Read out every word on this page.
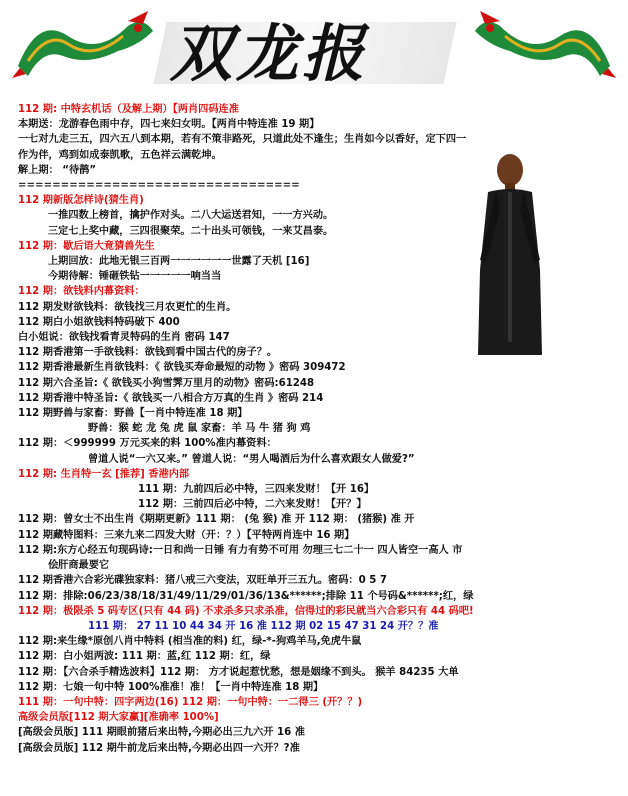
双龙报
112 期: 中特玄机话（及解上期）【两肖四码连准
本期送：龙游春色雨中存，四七来妇女明。【两肖中特连准 19 期】
一七对九走三五，四六五八到本期，若有不策非路死，只道此处不逢生；生肖如今以香好，定下四一
作为伴，鸡到如成泰凯歌，五色祥云满乾坤。
解上期： “待鹊”
=================================
112 期新版怎样诗(猜生肖)
一推四数上榜首，擒护作对头。二八大运送君知，一一方兴动。
三定七上奖中藏，三四很聚荣。二十出头可领钱，一来艾昌泰。
112 期：歇后语大竟猜兽先生
上期回放：此地无银三百两一一一一一一世露了天机 [16]
今期待解：锤砸铁钻一一一一一响当当
112 期：欲钱料内幕资料：
112 期发财欲钱料：欲钱找三月农更忙的生肖。
112 期白小姐欲钱料特码破下 400
白小姐说：欲钱找看青灵特码的生肖 密码 147
112 期香港第一手欲钱料：欲钱到看中国古代的房子？。
112 期香港最新生肖欲钱料：《 欲钱买寿命最短的动物 》密码 309472
112 期六合圣旨:《 欲钱买小狗雪霁万里月的动物》密码:61248
112 期香港中特圣旨:《 欲钱买一八相合方万真的生肖 》密码 214
112 期野兽与家畜：野兽【一肖中特连准 18 期】
野兽：猴 蛇 龙 兔 虎 鼠 家畜：羊 马 牛 猪 狗 鸡
112 期：＜999999 万元买来的料 100%准内幕资料：
曾道人说“一六又来。” 曾道人说：“男人喝酒后为什么喜欢跟女人做爱?”
112 期: 生肖特一玄 [推荐] 香港内部
111 期：九前四后必中特，三四来发财！【开 16】
112 期：三前四后必中特，二六来发财！【开？】
112 期：曾女士不出生肖《期期更新》111 期： (兔 猴) 准 开 112 期： (猪猴) 准 开
112 期藏特图料：三来九来二四发大财（开：？）【平特两肖连中 16 期】
112 期:东方心经五句现码诗:一日和尚一日锤 有力有势不可用 勿理三七二十一 四人皆空一高人 市
侩肝商最要它
112 期香港六合彩光碟独家料：猪八戒三六变法，双旺单开三五九。密码：0 5 7
112 期：排除:06/23/38/18/31/49/11/29/01/36/13&******;排除 11 个号码&******;红，绿
112 期：极限杀 5 码专区(只有 44 码) 不求杀多只求杀准，信得过的彩民就当六合彩只有 44 码吧!
111 期： 27 11 10 44 34 开 16 准 112 期 02 15 47 31 24 开？？准
112 期:来生缘*原创八肖中特料 (相当准的料) 红，绿-*-狗鸡羊马,免虎牛鼠
112 期：白小姐两波: 111 期：蓝,红 112 期：红，绿
112 期：【六合杀手精选波料】112 期： 方才说起惹忧愁，想是姻缘不到头。 猴羊 84235 大单
112 期：七娘一句中特 100%准准！准！【一肖中特连准 18 期】
111 期：一句中特：四字两边(16) 112 期：一句中特：一二得三 (开？？)
高级会员版[112 期大家赢][准确率 100%]
[高级会员版] 111 期眼前猪后来出特,今期必出三九六开 16 准
[高级会员版] 112 期牛前龙后来出特,今期必出四一六开？?准
